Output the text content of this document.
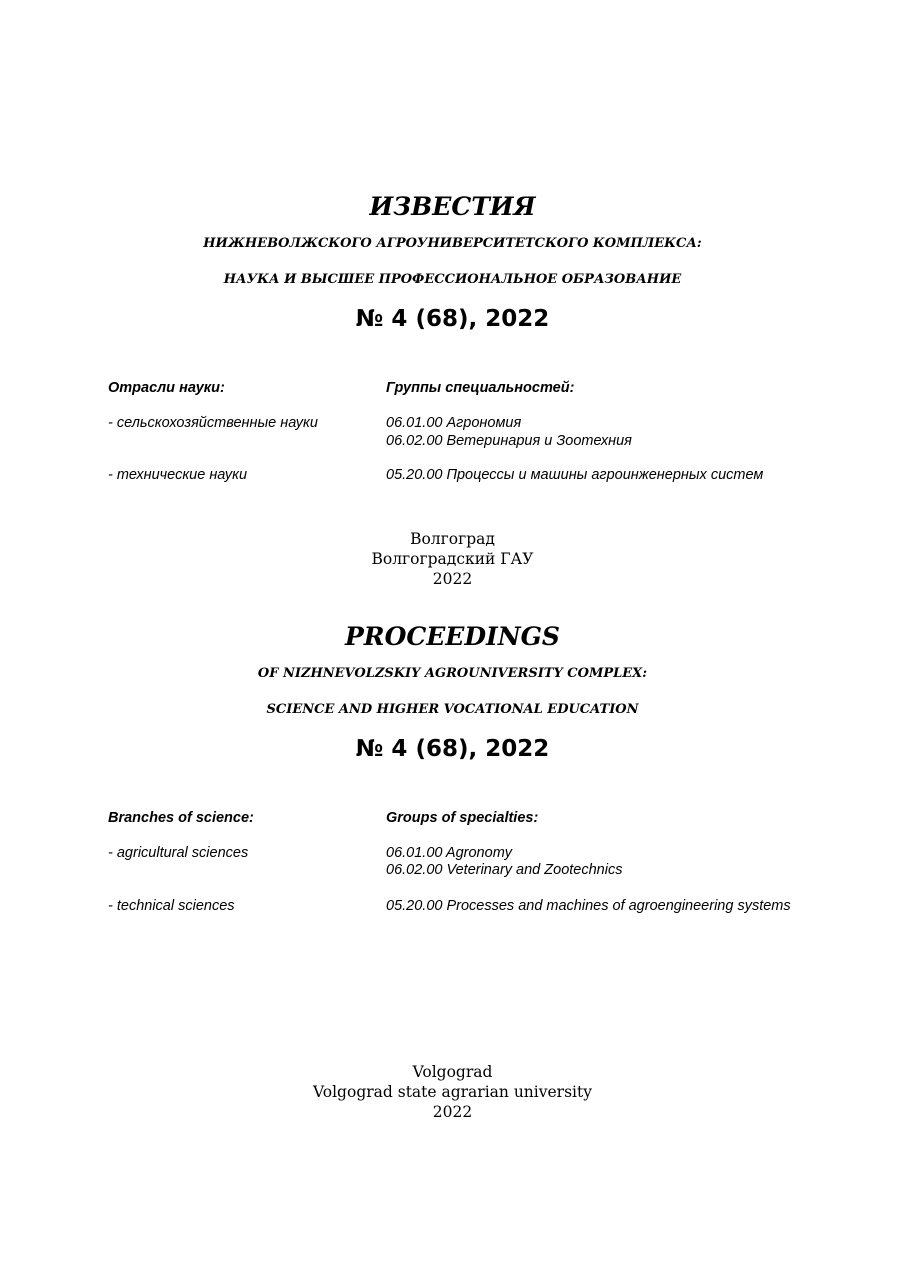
ИЗВЕСТИЯ
НИЖНЕВОЛЖСКОГО АГРОУНИВЕРСИТЕТСКОГО КОМПЛЕКСА:
НАУКА И ВЫСШЕЕ ПРОФЕССИОНАЛЬНОЕ ОБРАЗОВАНИЕ
№ 4 (68), 2022
Отрасли науки:	Группы специальностей:
- сельскохозяйственные науки	06.01.00 Агрономия
06.02.00 Ветеринария и Зоотехния
- технические науки	05.20.00 Процессы и машины агроинженерных систем
Волгоград
Волгоградский ГАУ
2022
PROCEEDINGS
OF NIZHNEVOLZSKIY AGROUNIVERSITY COMPLEX:
SCIENCE AND HIGHER VOCATIONAL EDUCATION
№ 4 (68), 2022
Branches of science:	Groups of specialties:
- agricultural sciences	06.01.00 Agronomy
06.02.00 Veterinary and Zootechnics
- technical sciences	05.20.00 Processes and machines of agroengineering systems
Volgograd
Volgograd state agrarian university
2022
